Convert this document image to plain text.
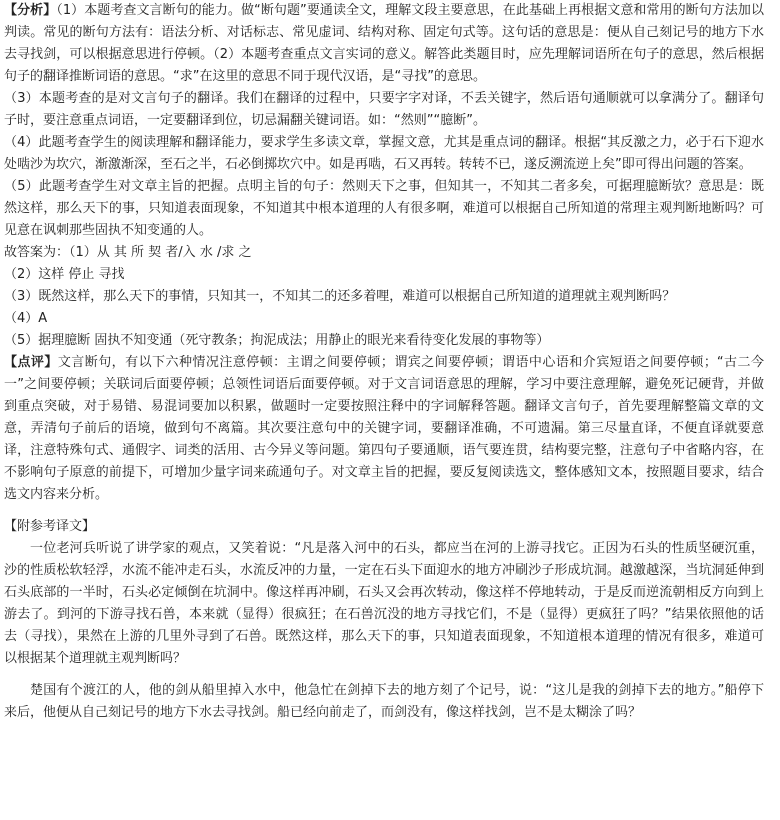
【分析】（1）本题考查文言断句的能力。做“断句题”要通读全文，理解文段主要意思，在此基础上再根据文意和常用的断句方法加以判读。常见的断句方法有：语法分析、对话标志、常见虚词、结构对称、固定句式等。这句话的意思是：便从自己刻记号的地方下水去寻找剑，可以根据意思进行停顿。（2）本题考查重点文言实词的意义。解答此类题目时，应先理解词语所在句子的意思，然后根据句子的翻译推断词语的意思。“求”在这里的意思不同于现代汉语，是“寻找”的意思。

（3）本题考查的是对文言句子的翻译。我们在翻译的过程中，只要字字对译，不丢关键字，然后语句通顺就可以拿满分了。翻译句子时，要注意重点词语，一定要翻译到位，切忌漏翻关键词语。如：“然则”“臆断”。

（4）此题考查学生的阅读理解和翻译能力，要求学生多读文章，掌握文意，尤其是重点词的翻译。根据“其反激之力，必于石下迎水处啮沙为坎穴，渐激渐深，至石之半，石必倒掷坎穴中。如是再啮，石又再转。转转不已，遂反溯流逆上矣”即可得出问题的答案。

（5）此题考查学生对文章主旨的把握。点明主旨的句子：然则天下之事，但知其一，不知其二者多矣，可据理臆断欤？意思是：既然这样，那么天下的事，只知道表面现象，不知道其中根本道理的人有很多啊，难道可以根据自己所知道的常理主观判断地断吗？可见意在讽刺那些固执不知变通的人。

故答案为：（1）从 其 所 契 者/入 水 /求 之

（2）这样 停止 寻找

（3）既然这样，那么天下的事情，只知其一，不知其二的还多着哩，难道可以根据自己所知道的道理就主观判断吗？

（4）A

（5）据理臆断 固执不知变通（死守教条；拘泥成法；用静止的眼光来看待变化发展的事物等）

【点评】文言断句，有以下六种情况注意停顿：主谓之间要停顿；谓宾之间要停顿；谓语中心语和介宾短语之间要停顿；“古二今一”之间要停顿；关联词后面要停顿；总领性词语后面要停顿。对于文言词语意思的理解，学习中要注意理解，避免死记硬背，并做到重点突破，对于易错、易混词要加以积累，做题时一定要按照注释中的字词解释答题。翻译文言句子，首先要理解整篇文章的文意，弄清句子前后的语境，做到句不离篇。其次要注意句中的关键字词，要翻译准确，不可遗漏。第三尽量直译，不便直译就要意译，注意特殊句式、通假字、词类的活用、古今异义等问题。第四句子要通顺，语气要连贯，结构要完整，注意句子中省略内容，在不影响句子原意的前提下，可增加少量字词来疏通句子。对文章主旨的把握，要反复阅读选文，整体感知文本，按照题目要求，结合选文内容来分析。

【附参考译文】

一位老河兵听说了讲学家的观点，又笑着说：“凡是落入河中的石头，都应当在河的上游寻找它。正因为石头的性质坚硬沉重，沙的性质松软轻浮，水流不能冲走石头，水流反冲的力量，一定在石头下面迎水的地方冲刷沙子形成坑洞。越激越深，当坑洞延伸到石头底部的一半时，石头必定倾倒在坑洞中。像这样再冲刷，石头又会再次转动，像这样不停地转动，于是反而逆流朝相反方向到上游去了。到河的下游寻找石兽，本来就（显得）很疯狂；在石兽沉没的地方寻找它们，不是（显得）更疯狂了吗？”结果依照他的话去（寻找），果然在上游的几里外寻到了石兽。既然这样，那么天下的事，只知道表面现象，不知道根本道理的情况有很多，难道可以根据某个道理就主观判断吗？

楚国有个渡江的人，他的剑从船里掉入水中，他急忙在剑掉下去的地方刻了个记号，说：“这儿是我的剑掉下去的地方。”船停下来后，他便从自己刻记号的地方下水去寻找剑。船已经向前走了，而剑没有，像这样找剑，岂不是太糊涂了吗？
